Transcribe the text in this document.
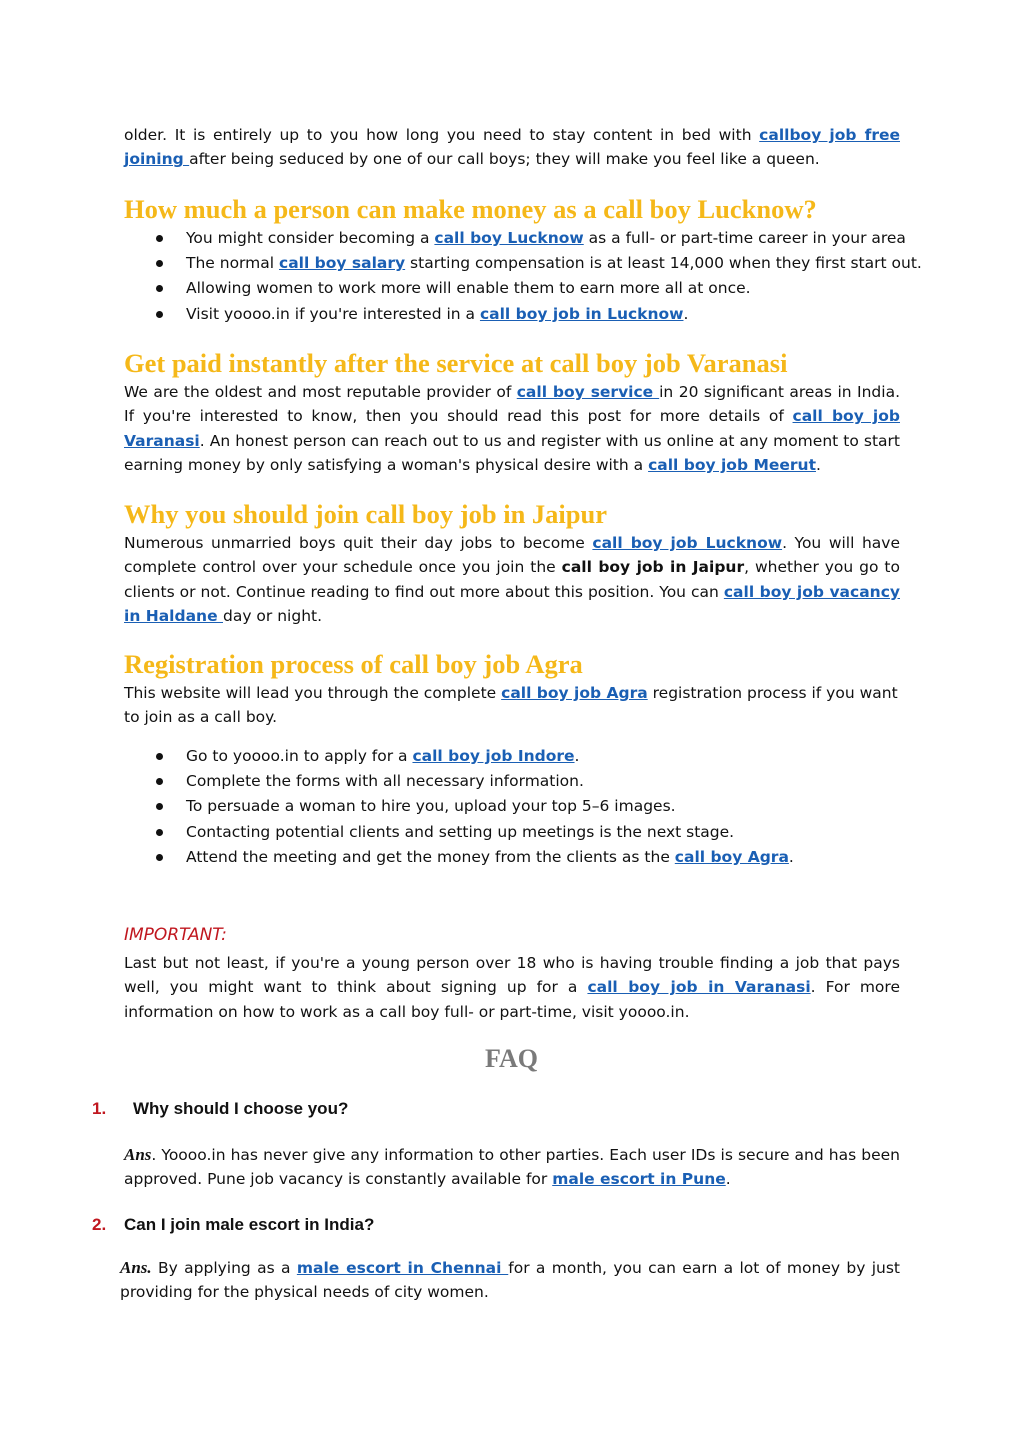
older. It is entirely up to you how long you need to stay content in bed with callboy job free joining after being seduced by one of our call boys; they will make you feel like a queen.

How much a person can make money as a call boy Lucknow?
You might consider becoming a call boy Lucknow as a full- or part-time career in your area
The normal call boy salary starting compensation is at least 14,000 when they first start out.
Allowing women to work more will enable them to earn more all at once.
Visit yoooo.in if you're interested in a call boy job in Lucknow.
Get paid instantly after the service at call boy job Varanasi

We are the oldest and most reputable provider of call boy service in 20 significant areas in India. If you're interested to know, then you should read this post for more details of call boy job Varanasi. An honest person can reach out to us and register with us online at any moment to start earning money by only satisfying a woman's physical desire with a call boy job Meerut.

Why you should join call boy job in Jaipur

Numerous unmarried boys quit their day jobs to become call boy job Lucknow. You will have complete control over your schedule once you join the call boy job in Jaipur, whether you go to clients or not. Continue reading to find out more about this position. You can call boy job vacancy in Haldane day or night.

Registration process of call boy job Agra

This website will lead you through the complete call boy job Agra registration process if you want to join as a call boy.

Go to yoooo.in to apply for a call boy job Indore.
Complete the forms with all necessary information.
To persuade a woman to hire you, upload your top 5–6 images.
Contacting potential clients and setting up meetings is the next stage.
Attend the meeting and get the money from the clients as the call boy Agra.

IMPORTANT:

Last but not least, if you're a young person over 18 who is having trouble finding a job that pays well, you might want to think about signing up for a call boy job in Varanasi. For more information on how to work as a call boy full- or part-time, visit yoooo.in.

FAQ
1. Why should I choose you?

Ans. Yoooo.in has never give any information to other parties. Each user IDs is secure and has been approved. Pune job vacancy is constantly available for male escort in Pune.

2. Can I join male escort in India?

Ans. By applying as a male escort in Chennai for a month, you can earn a lot of money by just providing for the physical needs of city women.
